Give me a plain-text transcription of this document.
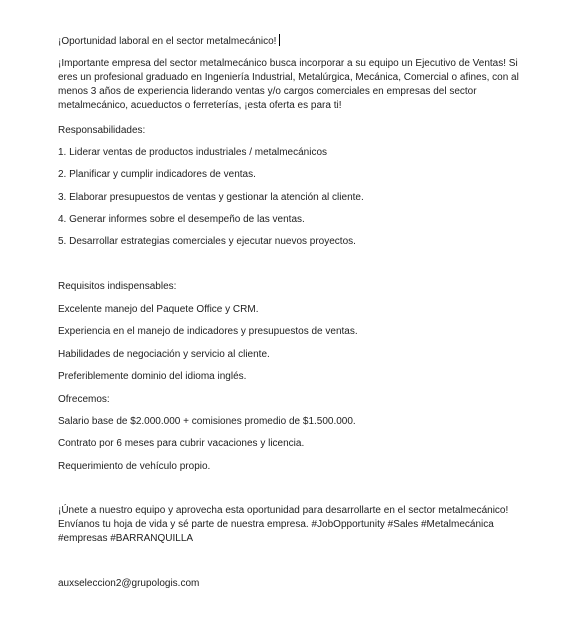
¡Oportunidad laboral en el sector metalmecánico!
¡Importante empresa del sector metalmecánico busca incorporar a su equipo un Ejecutivo de Ventas! Si eres un profesional graduado en Ingeniería Industrial, Metalúrgica, Mecánica, Comercial o afines, con al menos 3 años de experiencia liderando ventas y/o cargos comerciales en empresas del sector metalmecánico, acueductos o ferreterías, ¡esta oferta es para ti!
Responsabilidades:
1. Liderar ventas de productos industriales / metalmecánicos
2. Planificar y cumplir indicadores de ventas.
3. Elaborar presupuestos de ventas y gestionar la atención al cliente.
4. Generar informes sobre el desempeño de las ventas.
5. Desarrollar estrategias comerciales y ejecutar nuevos proyectos.
Requisitos indispensables:
Excelente manejo del Paquete Office y CRM.
Experiencia en el manejo de indicadores y presupuestos de ventas.
Habilidades de negociación y servicio al cliente.
Preferiblemente dominio del idioma inglés.
Ofrecemos:
Salario base de $2.000.000 + comisiones promedio de $1.500.000.
Contrato por 6 meses para cubrir vacaciones y licencia.
Requerimiento de vehículo propio.
¡Únete a nuestro equipo y aprovecha esta oportunidad para desarrollarte en el sector metalmecánico! Envíanos tu hoja de vida y sé parte de nuestra empresa. #JobOpportunity #Sales #Metalmecánica #empresas #BARRANQUILLA
auxseleccion2@grupologis.com
